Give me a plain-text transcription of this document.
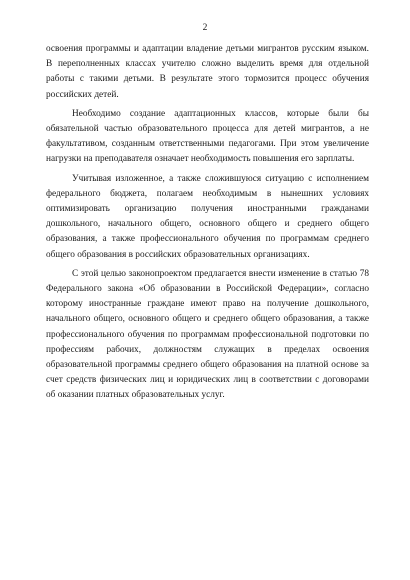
2

освоения программы и адаптации владение детьми мигрантов русским языком. В переполненных классах учителю сложно выделить время для отдельной работы с такими детьми. В результате этого тормозится процесс обучения российских детей.

Необходимо создание адаптационных классов, которые были бы обязательной частью образовательного процесса для детей мигрантов, а не факультативом, созданным ответственными педагогами. При этом увеличение нагрузки на преподавателя означает необходимость повышения его зарплаты.

Учитывая изложенное, а также сложившуюся ситуацию с исполнением федерального бюджета, полагаем необходимым в нынешних условиях оптимизировать организацию получения иностранными гражданами дошкольного, начального общего, основного общего и среднего общего образования, а также профессионального обучения по программам среднего общего образования в российских образовательных организациях.

С этой целью законопроектом предлагается внести изменение в статью 78 Федерального закона «Об образовании в Российской Федерации», согласно которому иностранные граждане имеют право на получение дошкольного, начального общего, основного общего и среднего общего образования, а также профессионального обучения по программам профессиональной подготовки по профессиям рабочих, должностям служащих в пределах освоения образовательной программы среднего общего образования на платной основе за счет средств физических лиц и юридических лиц в соответствии с договорами об оказании платных образовательных услуг.
